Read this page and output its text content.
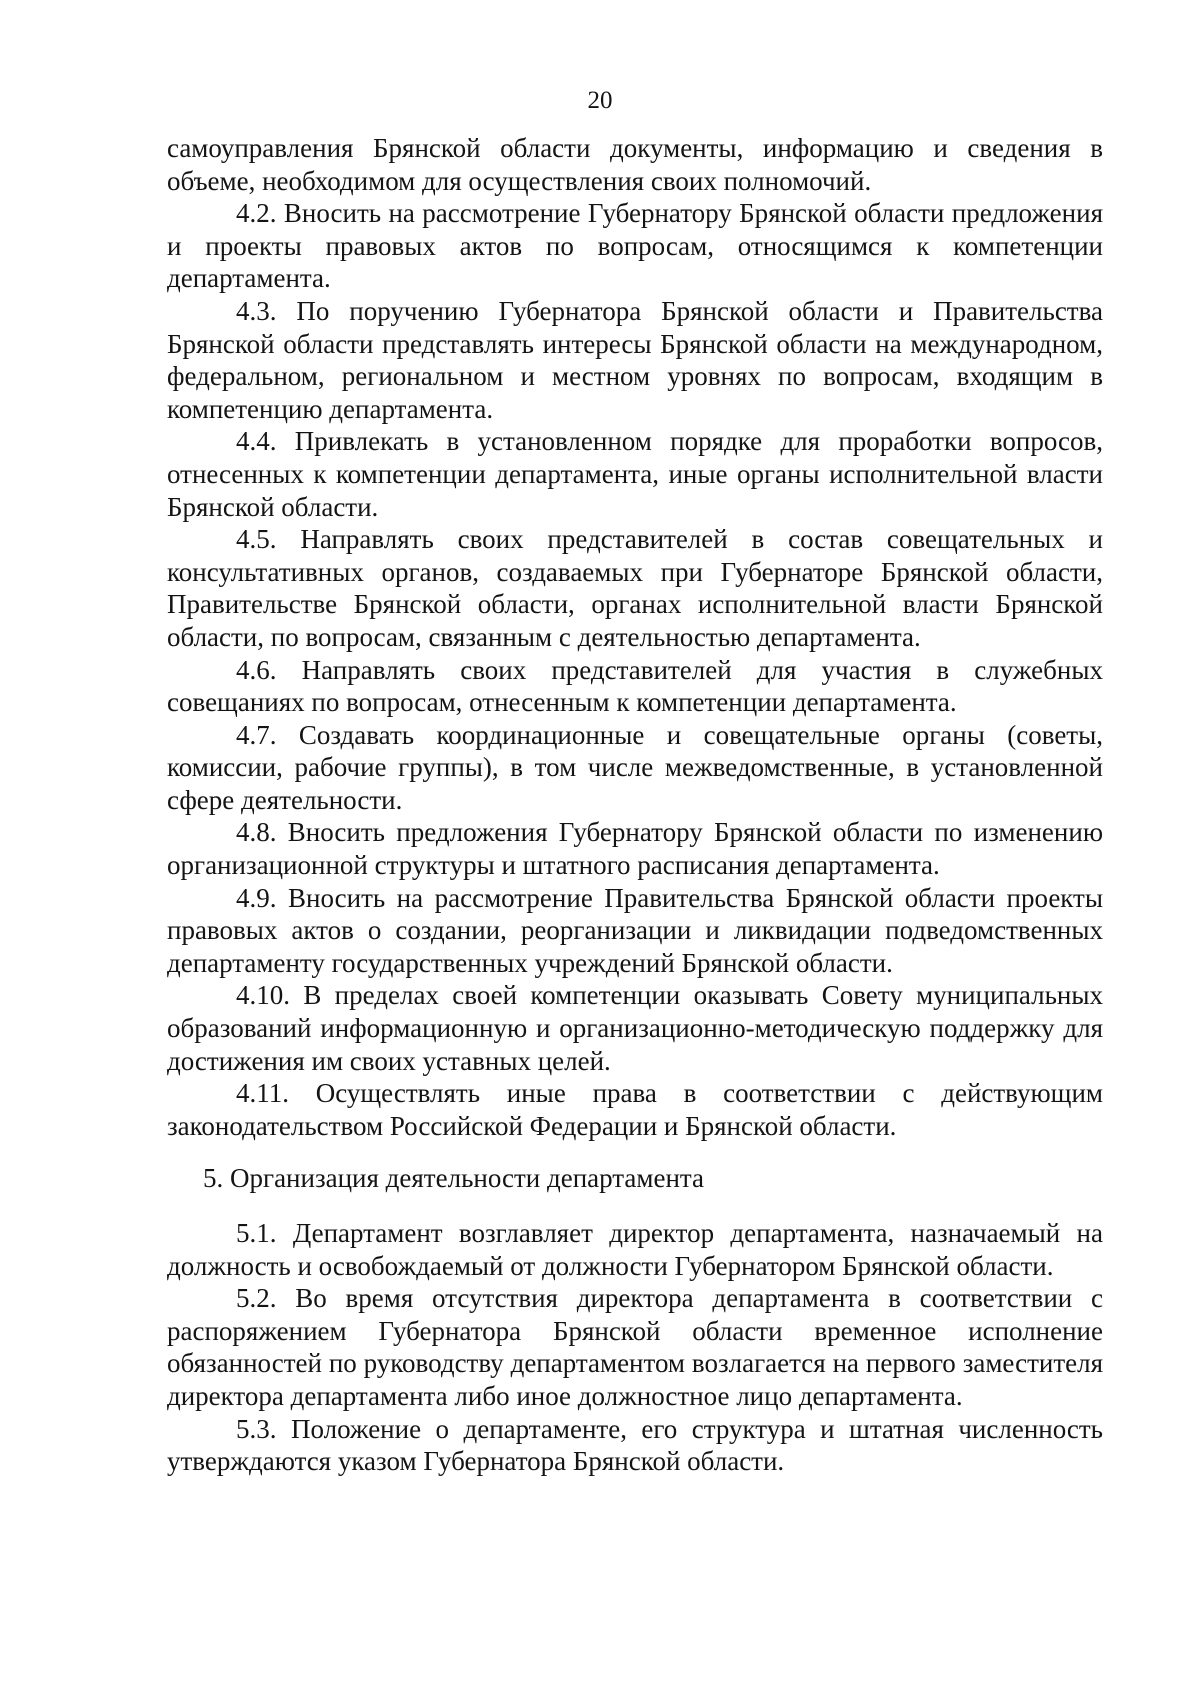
20

самоуправления Брянской области документы, информацию и сведения в объеме, необходимом для осуществления своих полномочий.

4.2. Вносить на рассмотрение Губернатору Брянской области предложения и проекты правовых актов по вопросам, относящимся к компетенции департамента.

4.3. По поручению Губернатора Брянской области и Правительства Брянской области представлять интересы Брянской области на международном, федеральном, региональном и местном уровнях по вопросам, входящим в компетенцию департамента.

4.4. Привлекать в установленном порядке для проработки вопросов, отнесенных к компетенции департамента, иные органы исполнительной власти Брянской области.

4.5. Направлять своих представителей в состав совещательных и консультативных органов, создаваемых при Губернаторе Брянской области, Правительстве Брянской области, органах исполнительной власти Брянской области, по вопросам, связанным с деятельностью департамента.

4.6. Направлять своих представителей для участия в служебных совещаниях по вопросам, отнесенным к компетенции департамента.

4.7. Создавать координационные и совещательные органы (советы, комиссии, рабочие группы), в том числе межведомственные, в установленной сфере деятельности.

4.8. Вносить предложения Губернатору Брянской области по изменению организационной структуры и штатного расписания департамента.

4.9. Вносить на рассмотрение Правительства Брянской области проекты правовых актов о создании, реорганизации и ликвидации подведомственных департаменту государственных учреждений Брянской области.

4.10. В пределах своей компетенции оказывать Совету муниципальных образований информационную и организационно-методическую поддержку для достижения им своих уставных целей.

4.11. Осуществлять иные права в соответствии с действующим законодательством Российской Федерации и Брянской области.

5. Организация деятельности департамента

5.1. Департамент возглавляет директор департамента, назначаемый на должность и освобождаемый от должности Губернатором Брянской области.

5.2. Во время отсутствия директора департамента в соответствии с распоряжением Губернатора Брянской области временное исполнение обязанностей по руководству департаментом возлагается на первого заместителя директора департамента либо иное должностное лицо департамента.

5.3. Положение о департаменте, его структура и штатная численность утверждаются указом Губернатора Брянской области.
